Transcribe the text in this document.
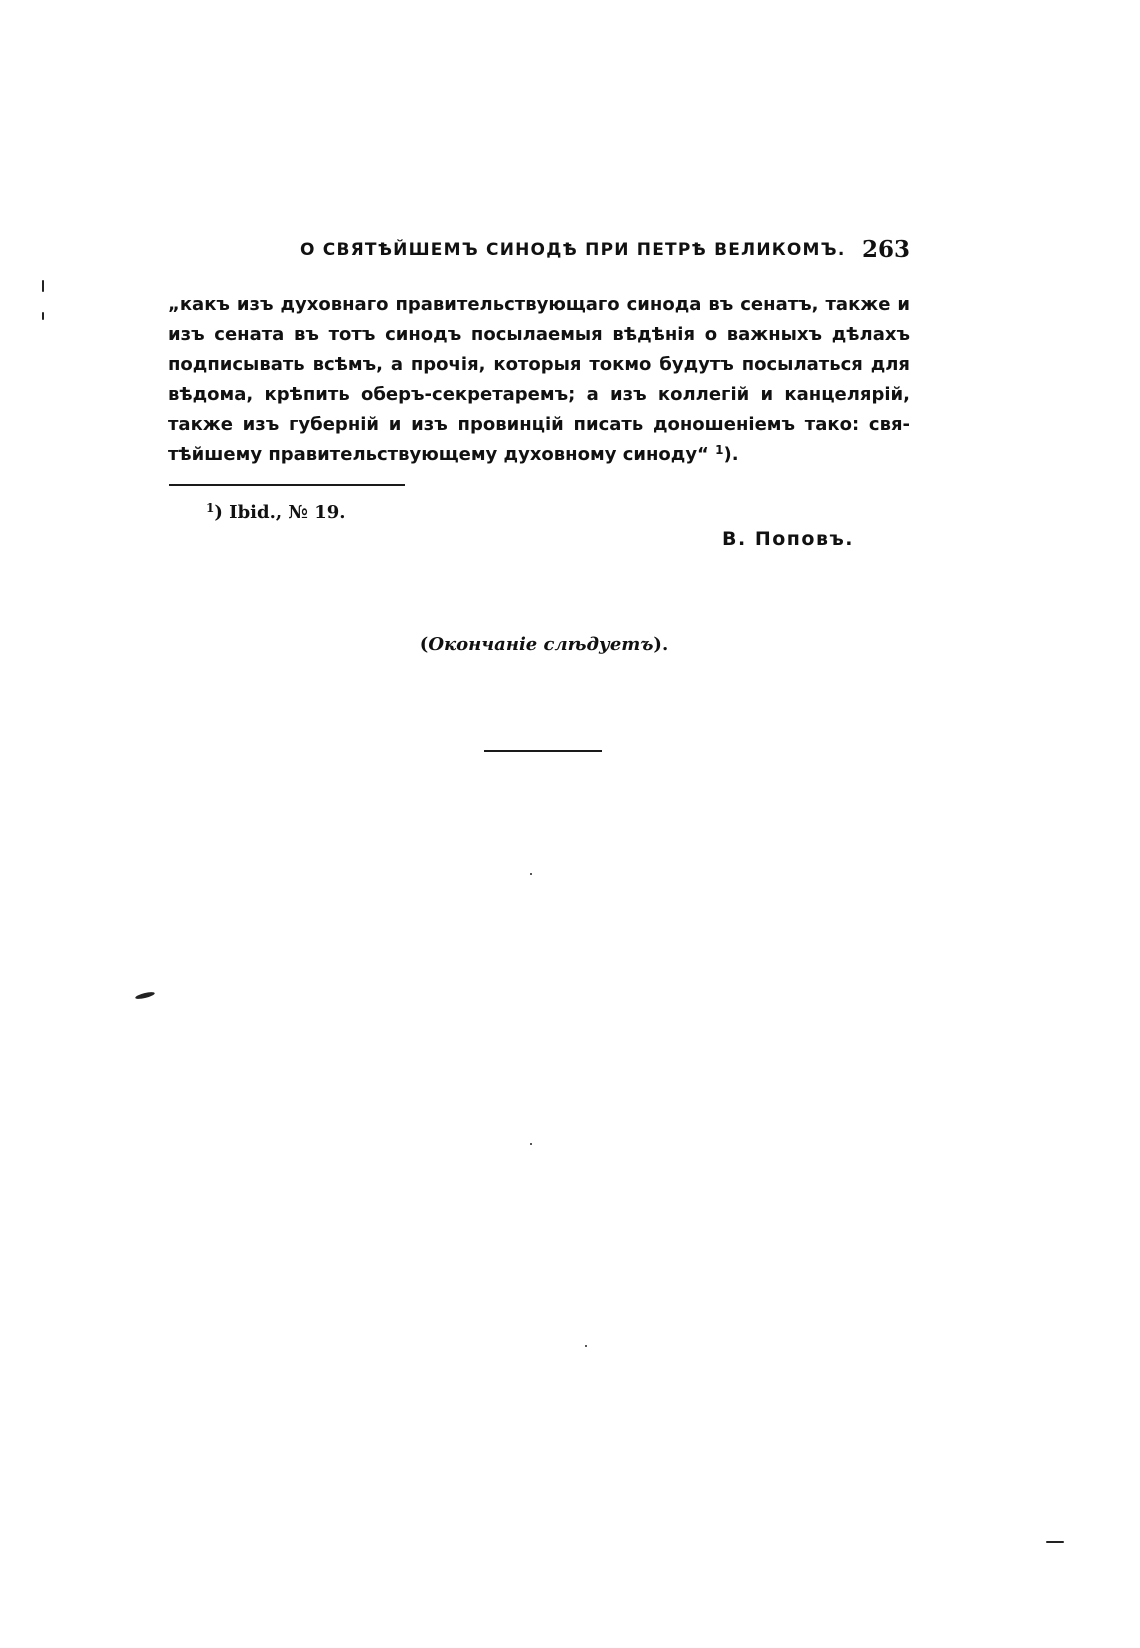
О СВЯТѢЙШЕМЪ СИНОДѢ ПРИ ПЕТРѢ ВЕЛИКОМЪ. 263
„какъ изъ духовнаго правительствующаго синода въ сенатъ, также и
изъ сената въ тотъ синодъ посылаемыя вѣдѣнія о важныхъ дѣлахъ
подписывать всѣмъ, а прочія, которыя токмо будутъ посылаться для
вѣдома, крѣпить оберъ-секретаремъ; а изъ коллегій и канцелярій,
также изъ губерній и изъ провинцій писать доношеніемъ тако: свя-
тѣйшему правительствующему духовному синоду“ $^1$).
$^1$) Ibid., № 19.
В. Поповъ.
(Окончаніе слѣдуетъ).
